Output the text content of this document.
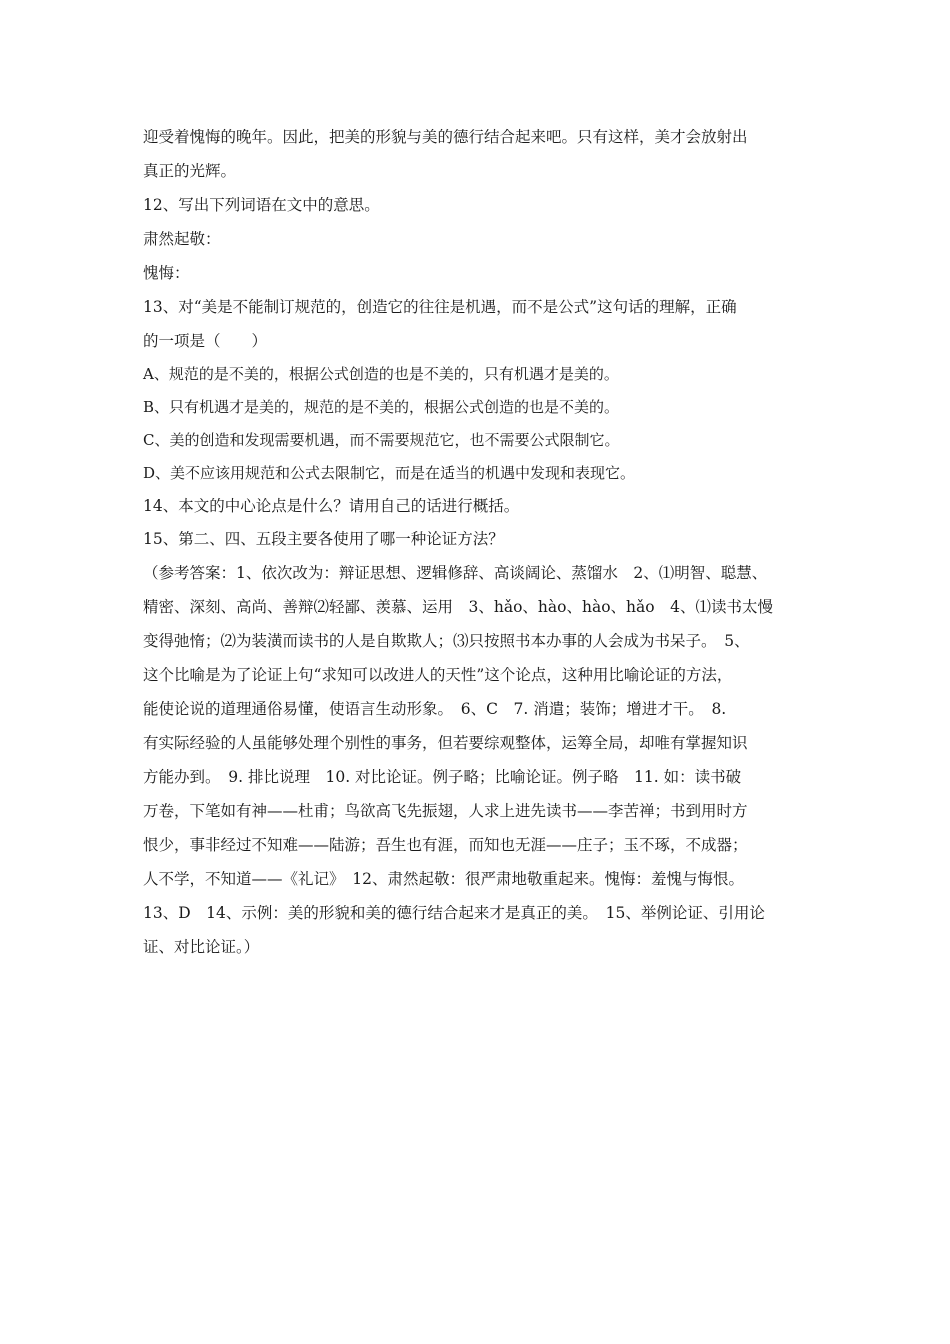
迎受着愧悔的晚年。因此，把美的形貌与美的德行结合起来吧。只有这样，美才会放射出
真正的光辉。
12、写出下列词语在文中的意思。
肃然起敬：
愧悔：
13、对“美是不能制订规范的，创造它的往往是机遇，而不是公式”这句话的理解，正确
的一项是（　　）
A、规范的是不美的，根据公式创造的也是不美的，只有机遇才是美的。
B、只有机遇才是美的，规范的是不美的，根据公式创造的也是不美的。
C、美的创造和发现需要机遇，而不需要规范它，也不需要公式限制它。
D、美不应该用规范和公式去限制它，而是在适当的机遇中发现和表现它。
14、本文的中心论点是什么？请用自己的话进行概括。
15、第二、四、五段主要各使用了哪一种论证方法？
（参考答案：1、依次改为：辩证思想、逻辑修辞、高谈阔论、蒸馏水　2、⑴明智、聪慧、
精密、深刻、高尚、善辩⑵轻鄙、羡慕、运用　3、hǎo、hào、hào、hǎo　4、⑴读书太慢
变得弛惰；⑵为装潢而读书的人是自欺欺人；⑶只按照书本办事的人会成为书呆子。　5、
这个比喻是为了论证上句“求知可以改进人的天性”这个论点，这种用比喻论证的方法，
能使论说的道理通俗易懂，使语言生动形象。　6、C　7. 消遣；装饰；增进才干。　8.
有实际经验的人虽能够处理个别性的事务，但若要综观整体，运筹全局，却唯有掌握知识
方能办到。　9. 排比说理　10. 对比论证。例子略；比喻论证。例子略　11. 如：读书破
万卷，下笔如有神——杜甫；鸟欲高飞先振翅，人求上进先读书——李苦禅；书到用时方
恨少，事非经过不知难——陆游；吾生也有涯，而知也无涯——庄子；玉不琢，不成器；
人不学，不知道——《礼记》　12、肃然起敬：很严肃地敬重起来。愧悔：羞愧与悔恨。
13、D　14、示例：美的形貌和美的德行结合起来才是真正的美。　15、举例论证、引用论
证、对比论证。）
